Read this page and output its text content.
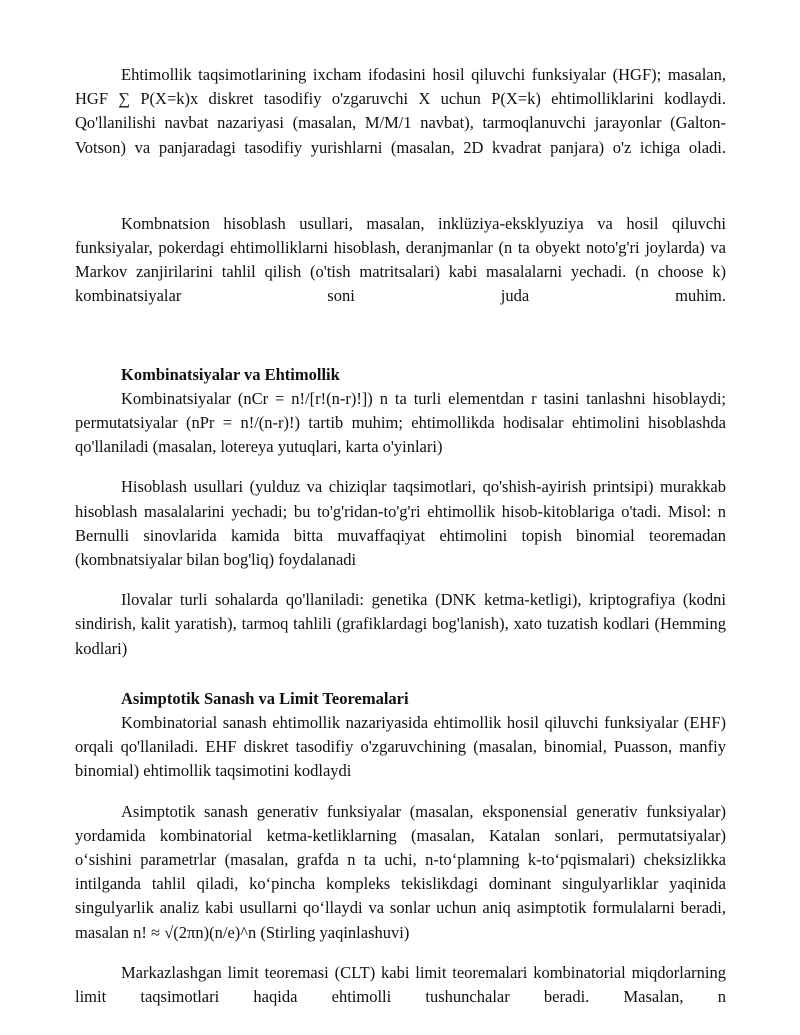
Ehtimollik taqsimotlarining ixcham ifodasini hosil qiluvchi funksiyalar (HGF); masalan, HGF ∑ P(X=k)x diskret tasodifiy o'zgaruvchi X uchun P(X=k) ehtimolliklarini kodlaydi. Qo'llanilishi navbat nazariyasi (masalan, M/M/1 navbat), tarmoqlanuvchi jarayonlar (Galton-Votson) va panjaradagi tasodifiy yurishlarni (masalan, 2D kvadrat panjara) o'z ichiga oladi.

Kombnatsion hisoblash usullari, masalan, inklüziya-eksklyuziya va hosil qiluvchi funksiyalar, pokerdagi ehtimolliklarni hisoblash, deranjmanlar (n ta obyekt noto'g'ri joylarda) va Markov zanjirilarini tahlil qilish (o'tish matritsalari) kabi masalalarni yechadi. (n choose k) kombinatsiyalar soni juda muhim.

Kombinatsiyalar va Ehtimollik

Kombinatsiyalar (nCr = n!/[r!(n-r)!]) n ta turli elementdan r tasini tanlashni hisoblaydi; permutatsiyalar (nPr = n!/(n-r)!) tartib muhim; ehtimollikda hodisalar ehtimolini hisoblashda qo'llaniladi (masalan, lotereya yutuqlari, karta o'yinlari)

Hisoblash usullari (yulduz va chiziqlar taqsimotlari, qo'shish-ayirish printsipi) murakkab hisoblash masalalarini yechadi; bu to'g'ridan-to'g'ri ehtimollik hisob-kitoblariga o'tadi. Misol: n Bernulli sinovlarida kamida bitta muvaffaqiyat ehtimolini topish binomial teoremadan (kombnatsiyalar bilan bog'liq) foydalanadi

Ilovalar turli sohalarda qo'llaniladi: genetika (DNK ketma-ketligi), kriptografiya (kodni sindirish, kalit yaratish), tarmoq tahlili (grafiklardagi bog'lanish), xato tuzatish kodlari (Hemming kodlari)

Asimptotik Sanash va Limit Teoremalari

Kombinatorial sanash ehtimollik nazariyasida ehtimollik hosil qiluvchi funksiyalar (EHF) orqali qo'llaniladi. EHF diskret tasodifiy o'zgaruvchining (masalan, binomial, Puasson, manfiy binomial) ehtimollik taqsimotini kodlaydi

Asimptotik sanash generativ funksiyalar (masalan, eksponensial generativ funksiyalar) yordamida kombinatorial ketma-ketliklarning (masalan, Katalan sonlari, permutatsiyalar) o‘sishini parametrlar (masalan, grafda n ta uchi, n-to‘plamning k-to‘pqismalari) cheksizlikka intilganda tahlil qiladi, ko‘pincha kompleks tekislikdagi dominant singulyarliklar yaqinida singulyarlik analiz kabi usullarni qo‘llaydi va sonlar uchun aniq asimptotik formulalarni beradi, masalan n! ≈ √(2πn)(n/e)^n (Stirling yaqinlashuvi)

Markazlashgan limit teoremasi (CLT) kabi limit teoremalari kombinatorial miqdorlarning limit taqsimotlari haqida ehtimolli tushunchalar beradi. Masalan, n
